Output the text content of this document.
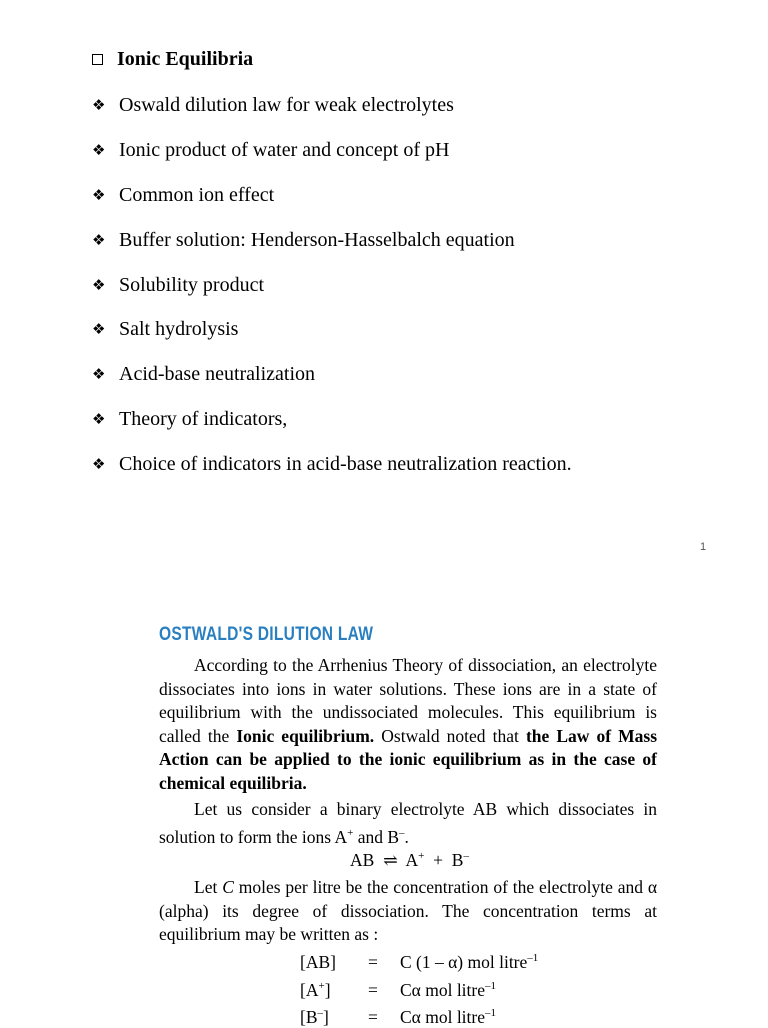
Ionic Equilibria
❖ Oswald dilution law for weak electrolytes
❖ Ionic product of water and concept of pH
❖ Common ion effect
❖ Buffer solution: Henderson-Hasselbalch equation
❖ Solubility product
❖ Salt hydrolysis
❖ Acid-base neutralization
❖ Theory of indicators,
❖ Choice of indicators in acid-base neutralization reaction.
1
OSTWALD'S DILUTION LAW
According to the Arrhenius Theory of dissociation, an electrolyte dissociates into ions in water solutions. These ions are in a state of equilibrium with the undissociated molecules. This equilibrium is called the Ionic equilibrium. Ostwald noted that the Law of Mass Action can be applied to the ionic equilibrium as in the case of chemical equilibria.
Let us consider a binary electrolyte AB which dissociates in solution to form the ions A+ and B–.
AB ⇌ A+ + B–
Let C moles per litre be the concentration of the electrolyte and α (alpha) its degree of dissociation. The concentration terms at equilibrium may be written as :
[AB] = C (1 – α) mol litre$^{-1}$
[A+] = Cα mol litre$^{-1}$
[B–] = Cα mol litre$^{-1}$
